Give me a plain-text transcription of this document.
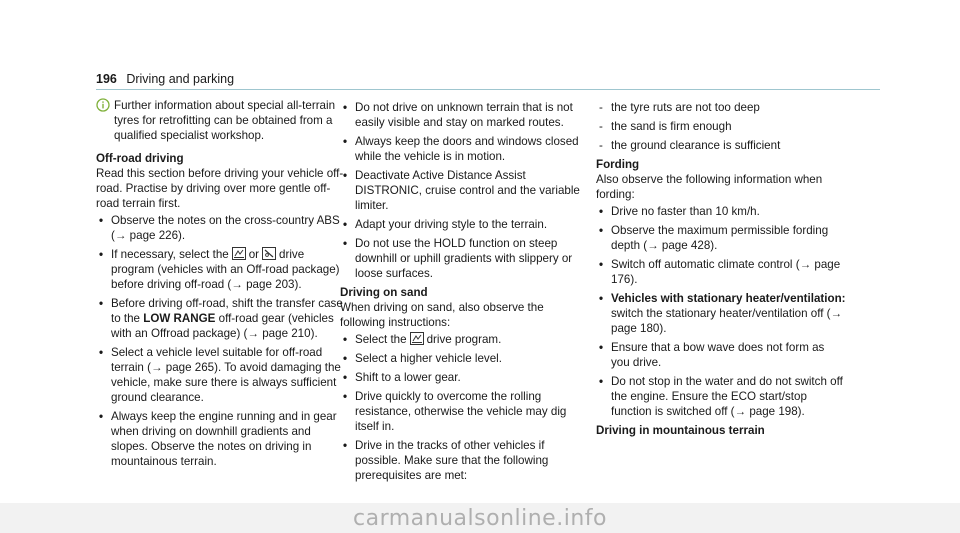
196 Driving and parking
Further information about special all-terrain tyres for retrofitting can be obtained from a qualified specialist workshop.
Off-road driving
Read this section before driving your vehicle off-road. Practise by driving over more gentle off-road terrain first.
• Observe the notes on the cross-country ABS (→ page 226).
• If necessary, select the or drive program (vehicles with an Off-road package) before driving off-road (→ page 203).
• Before driving off-road, shift the transfer case to the LOW RANGE off-road gear (vehicles with an Offroad package) (→ page 210).
• Select a vehicle level suitable for off-road terrain (→ page 265). To avoid damaging the vehicle, make sure there is always sufficient ground clearance.
• Always keep the engine running and in gear when driving on downhill gradients and slopes. Observe the notes on driving in mountainous terrain.
• Do not drive on unknown terrain that is not easily visible and stay on marked routes.
• Always keep the doors and windows closed while the vehicle is in motion.
• Deactivate Active Distance Assist DISTRONIC, cruise control and the variable limiter.
• Adapt your driving style to the terrain.
• Do not use the HOLD function on steep downhill or uphill gradients with slippery or loose surfaces.
Driving on sand
When driving on sand, also observe the following instructions:
• Select the drive program.
• Select a higher vehicle level.
• Shift to a lower gear.
• Drive quickly to overcome the rolling resistance, otherwise the vehicle may dig itself in.
• Drive in the tracks of other vehicles if possible. Make sure that the following prerequisites are met:
- the tyre ruts are not too deep
- the sand is firm enough
- the ground clearance is sufficient
Fording
Also observe the following information when fording:
• Drive no faster than 10 km/h.
• Observe the maximum permissible fording depth (→ page 428).
• Switch off automatic climate control (→ page 176).
• Vehicles with stationary heater/ventilation: switch the stationary heater/ventilation off (→ page 180).
• Ensure that a bow wave does not form as you drive.
• Do not stop in the water and do not switch off the engine. Ensure the ECO start/stop function is switched off (→ page 198).
Driving in mountainous terrain
carmanualsonline.info
